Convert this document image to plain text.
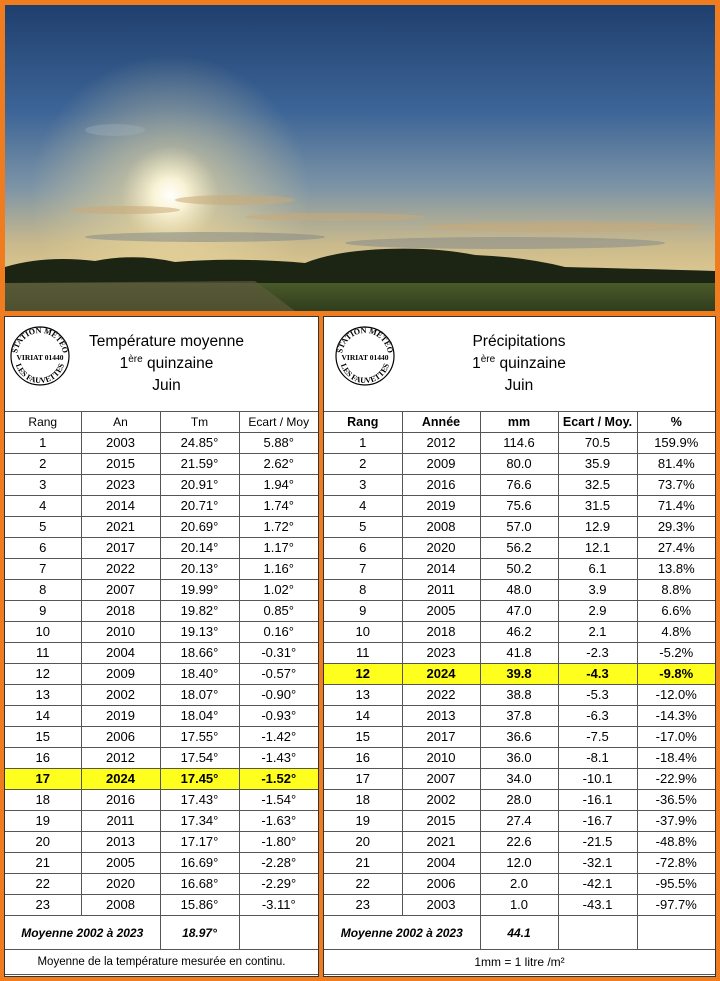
STATION MÉTÉO
VIRIAT 01440
LES FAUVETTES
Température moyenne
1ère quinzaine
Juin
Rang	An	Tm	Ecart / Moy
1	2003	24.85°	5.88°
2	2015	21.59°	2.62°
3	2023	20.91°	1.94°
4	2014	20.71°	1.74°
5	2021	20.69°	1.72°
6	2017	20.14°	1.17°
7	2022	20.13°	1.16°
8	2007	19.99°	1.02°
9	2018	19.82°	0.85°
10	2010	19.13°	0.16°
11	2004	18.66°	-0.31°
12	2009	18.40°	-0.57°
13	2002	18.07°	-0.90°
14	2019	18.04°	-0.93°
15	2006	17.55°	-1.42°
16	2012	17.54°	-1.43°
17	2024	17.45°	-1.52°
18	2016	17.43°	-1.54°
19	2011	17.34°	-1.63°
20	2013	17.17°	-1.80°
21	2005	16.69°	-2.28°
22	2020	16.68°	-2.29°
23	2008	15.86°	-3.11°
Moyenne 2002 à 2023		18.97°	
Moyenne de la température mesurée en continu.			
STATION MÉTÉO
VIRIAT 01440
LES FAUVETTES
Précipitations
1ère quinzaine
Juin
Rang	Année	mm	Ecart / Moy.	%
1	2012	114.6	70.5	159.9%
2	2009	80.0	35.9	81.4%
3	2016	76.6	32.5	73.7%
4	2019	75.6	31.5	71.4%
5	2008	57.0	12.9	29.3%
6	2020	56.2	12.1	27.4%
7	2014	50.2	6.1	13.8%
8	2011	48.0	3.9	8.8%
9	2005	47.0	2.9	6.6%
10	2018	46.2	2.1	4.8%
11	2023	41.8	-2.3	-5.2%
12	2024	39.8	-4.3	-9.8%
13	2022	38.8	-5.3	-12.0%
14	2013	37.8	-6.3	-14.3%
15	2017	36.6	-7.5	-17.0%
16	2010	36.0	-8.1	-18.4%
17	2007	34.0	-10.1	-22.9%
18	2002	28.0	-16.1	-36.5%
19	2015	27.4	-16.7	-37.9%
20	2021	22.6	-21.5	-48.8%
21	2004	12.0	-32.1	-72.8%
22	2006	2.0	-42.1	-95.5%
23	2003	1.0	-43.1	-97.7%
Moyenne 2002 à 2023		44.1		
1mm = 1 litre /m²				
